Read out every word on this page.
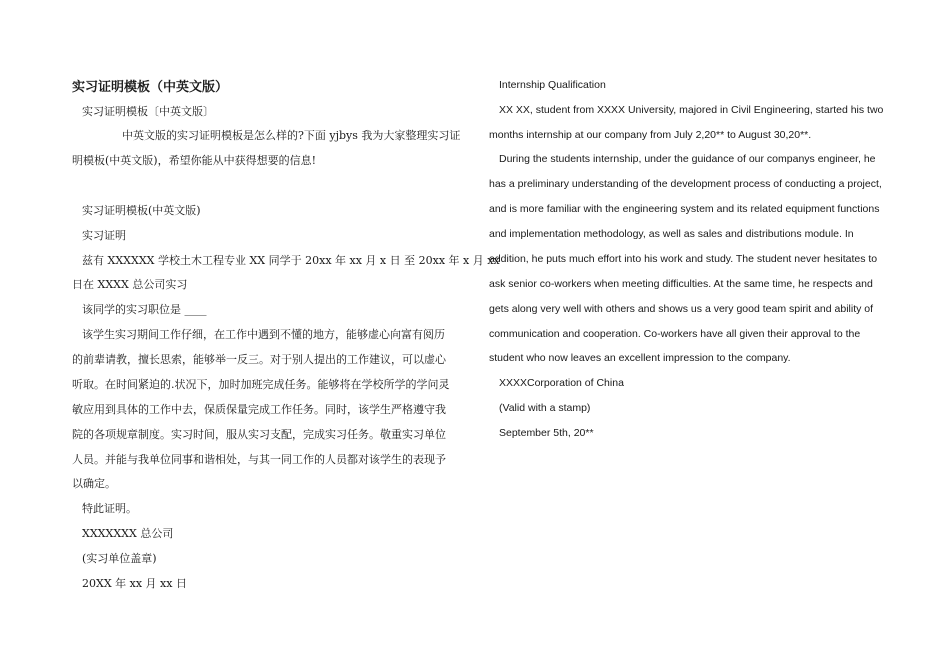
实习证明模板（中英文版）
实习证明模板〔中英文版〕
中英文版的实习证明模板是怎么样的?下面 yjbys 我为大家整理实习证
明模板(中英文版)，希望你能从中获得想要的信息!
实习证明模板(中英文版)
实习证明
兹有 XXXXXX 学校土木工程专业 XX 同学于 20xx 年 xx 月 x 日 至 20xx 年 x 月 xx
日在 XXXX 总公司实习
该同学的实习职位是 ____
该学生实习期间工作仔细，在工作中遇到不懂的地方，能够虚心向富有阅历
的前辈请教，擅长思索，能够举一反三。对于别人提出的工作建议，可以虚心
听取。在时间紧迫的.状况下，加时加班完成任务。能够将在学校所学的学问灵
敏应用到具体的工作中去，保质保量完成工作任务。同时，该学生严格遵守我
院的各项规章制度。实习时间，服从实习支配，完成实习任务。敬重实习单位
人员。并能与我单位同事和谐相处，与其一同工作的人员都对该学生的表现予
以确定。
特此证明。
XXXXXXX 总公司
(实习单位盖章)
20XX 年 xx 月 xx 日
Internship Qualification
XX XX, student from XXXX University, majored in Civil Engineering, started his two
months internship at our company from July 2,20** to August 30,20**.
During the students internship, under the guidance of our companys engineer, he
has a preliminary understanding of the development process of conducting a project,
and is more familiar with the engineering system and its related equipment functions
and implementation methodology, as well as sales and distributions module. In
addition, he puts much effort into his work and study. The student never hesitates to
ask senior co-workers when meeting difficulties. At the same time, he respects and
gets along very well with others and shows us a very good team spirit and ability of
communication and cooperation. Co-workers have all given their approval to the
student who now leaves an excellent impression to the company.
XXXXCorporation of China
(Valid with a stamp)
September 5th, 20**
